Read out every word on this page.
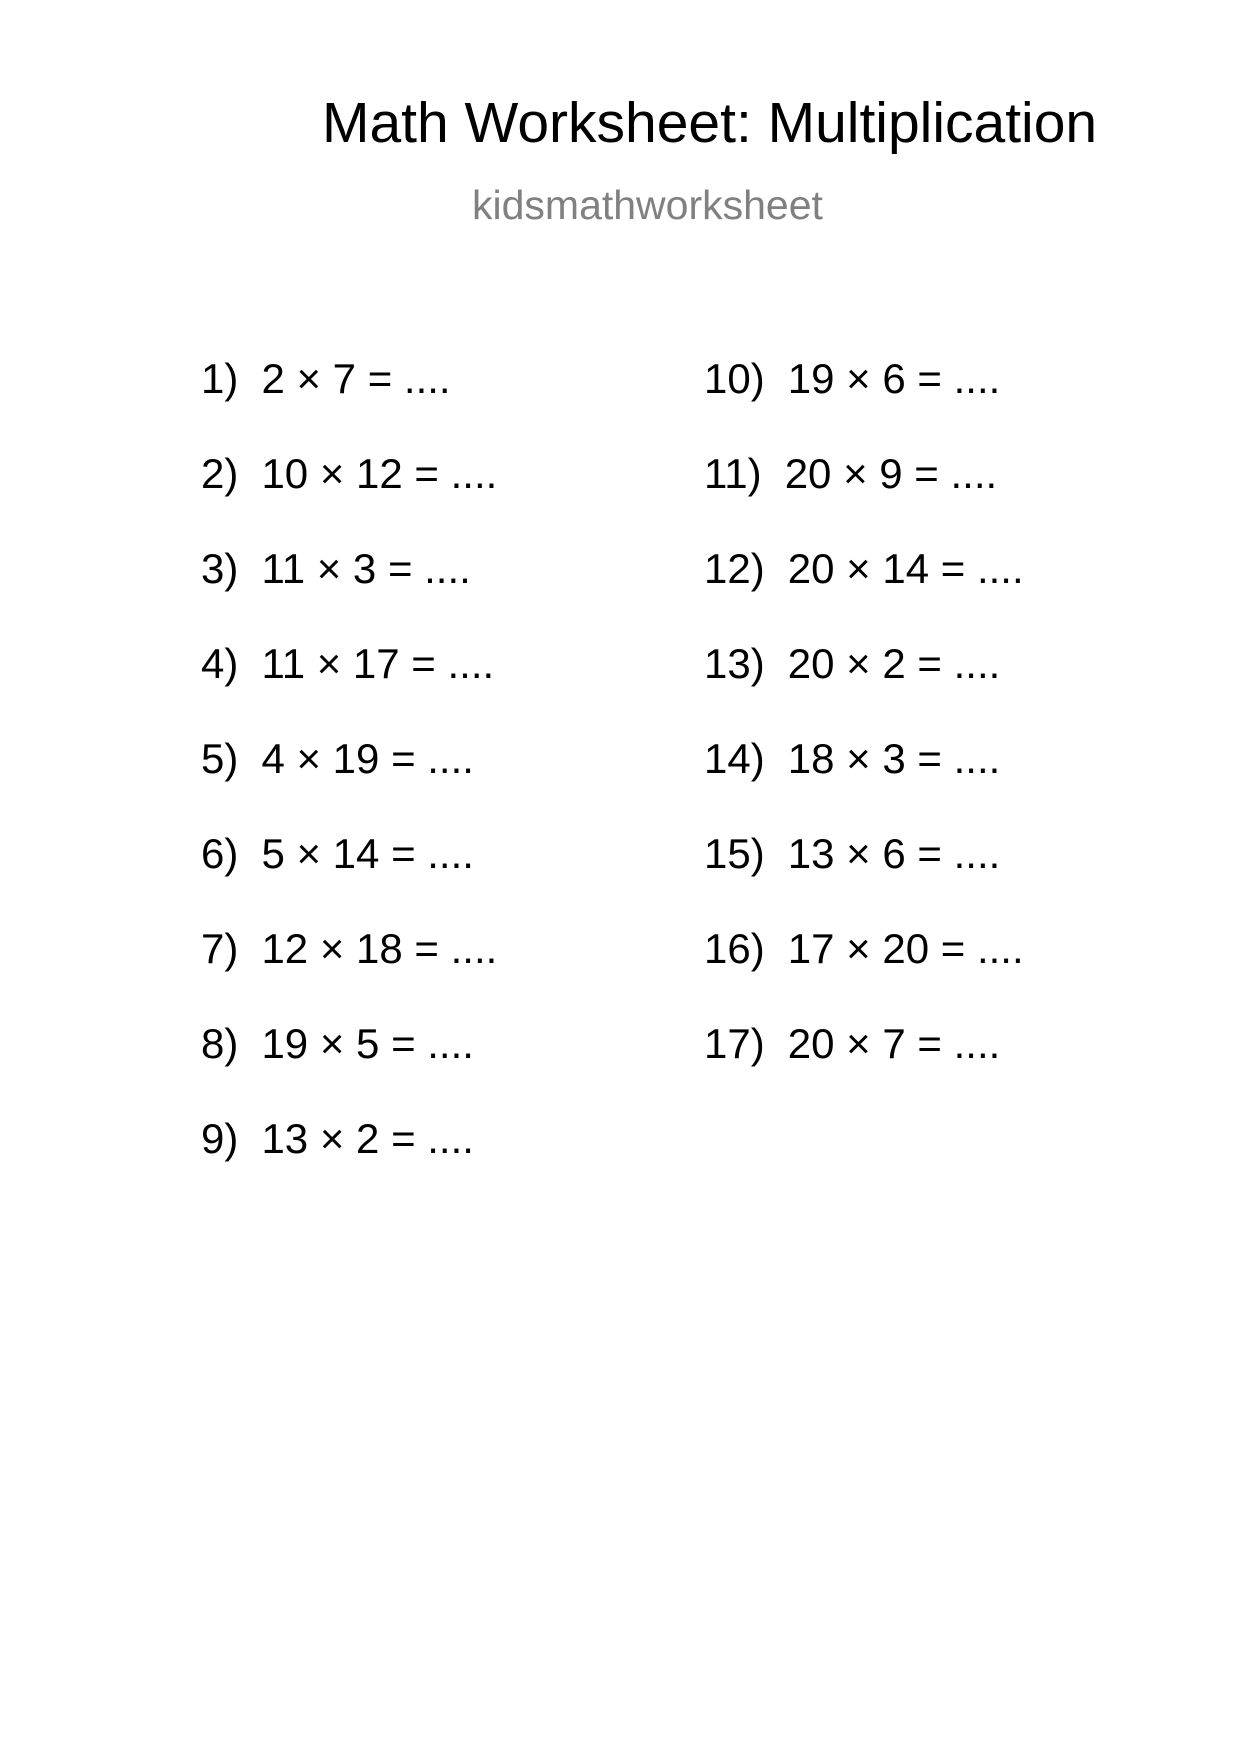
Math Worksheet: Multiplication
kidsmathworksheet
1) 2 × 7 = ....
2) 10 × 12 = ....
3) 11 × 3 = ....
4) 11 × 17 = ....
5) 4 × 19 = ....
6) 5 × 14 = ....
7) 12 × 18 = ....
8) 19 × 5 = ....
9) 13 × 2 = ....
10) 19 × 6 = ....
11) 20 × 9 = ....
12) 20 × 14 = ....
13) 20 × 2 = ....
14) 18 × 3 = ....
15) 13 × 6 = ....
16) 17 × 20 = ....
17) 20 × 7 = ....
